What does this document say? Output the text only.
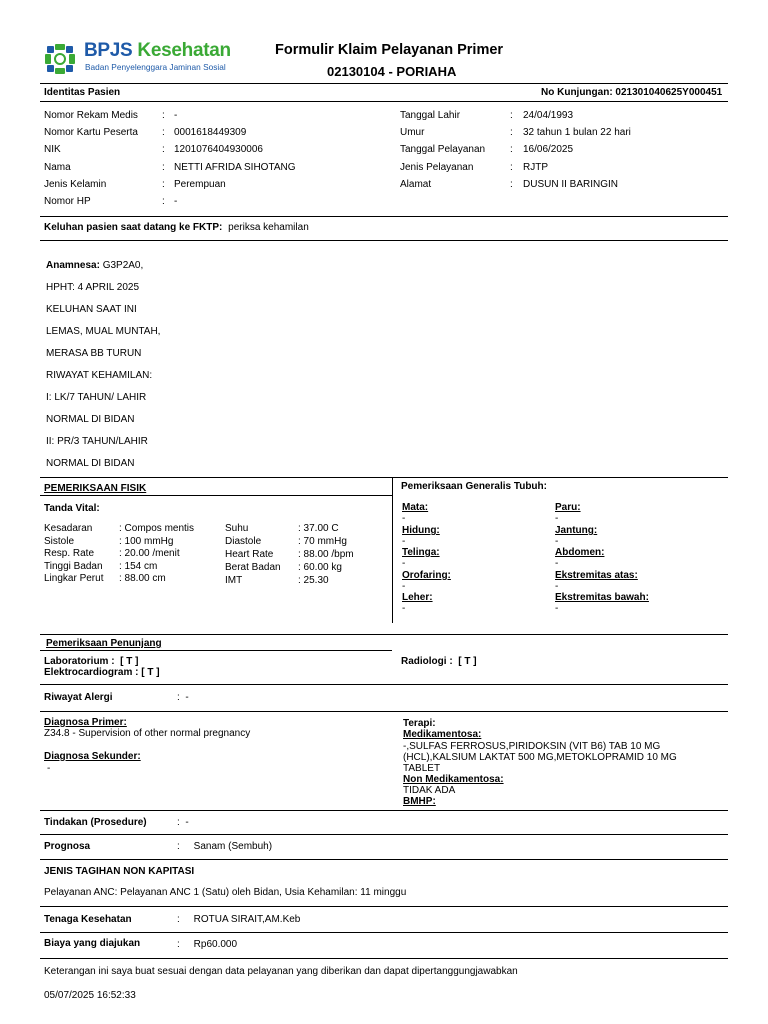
BPJS Kesehatan
Badan Penyelenggara Jaminan Sosial
Formulir Klaim Pelayanan Primer
02130104 - PORIAHA
Identitas Pasien	No Kunjungan: 021301040625Y000451
Nomor Rekam Medis : -
Nomor Kartu Peserta : 0001618449309
NIK	: 1201076404930006
Nama	: NETTI AFRIDA SIHOTANG
Jenis Kelamin	: Perempuan
Nomor HP	: -
Tanggal Lahir	: 24/04/1993
Umur	: 32 tahun 1 bulan 22 hari
Tanggal Pelayanan : 16/06/2025
Jenis Pelayanan	: RJTP
Alamat	: DUSUN II BARINGIN
Keluhan pasien saat datang ke FKTP: periksa kehamilan

Anamnesa: G3P2A0,

HPHT: 4 APRIL 2025

KELUHAN SAAT INI

LEMAS, MUAL MUNTAH,

MERASA BB TURUN

RIWAYAT KEHAMILAN:

I: LK/7 TAHUN/ LAHIR

NORMAL DI BIDAN

II: PR/3 TAHUN/LAHIR

NORMAL DI BIDAN

PEMERIKSAAN FISIK
Tanda Vital:
Kesadaran	: Compos mentis
Sistole	: 100 mmHg
Resp. Rate : 20.00 /menit
Tinggi Badan : 154 cm
Lingkar Perut : 88.00 cm
Suhu	: 37.00 C
Diastole	: 70 mmHg
Heart Rate : 88.00 /bpm
Berat Badan : 60.00 kg
IMT	: 25.30
Pemeriksaan Generalis Tubuh:
Mata:
-
Hidung:
-
Telinga:
-
Orofaring:
-
Leher:
-
Paru:
-
Jantung:
-
Abdomen:
-
Ekstremitas atas:
-
Ekstremitas bawah:
-
Pemeriksaan Penunjang
Laboratorium :  [ T ]
Elektrocardiogram : [ T ]
Radiologi :  [ T ]
Riwayat Alergi	:  -
Diagnosa Primer:
Z34.8 - Supervision of other normal pregnancy
Diagnosa Sekunder:
-
Terapi:
Medikamentosa:
-,SULFAS FERROSUS,PIRIDOKSIN (VIT B6) TAB 10 MG
(HCL),KALSIUM LAKTAT 500 MG,METOKLOPRAMID 10 MG
TABLET
Non Medikamentosa:
TIDAK ADA
BMHP:
Tindakan (Prosedure)	:  -
Prognosa	:     Sanam (Sembuh)
JENIS TAGIHAN NON KAPITASI
Pelayanan ANC: Pelayanan ANC 1 (Satu) oleh Bidan, Usia Kehamilan: 11 minggu
Tenaga Kesehatan	:     ROTUA SIRAIT,AM.Keb
Biaya yang diajukan	:     Rp60.000
Keterangan ini saya buat sesuai dengan data pelayanan yang diberikan dan dapat dipertanggungjawabkan
05/07/2025 16:52:33
